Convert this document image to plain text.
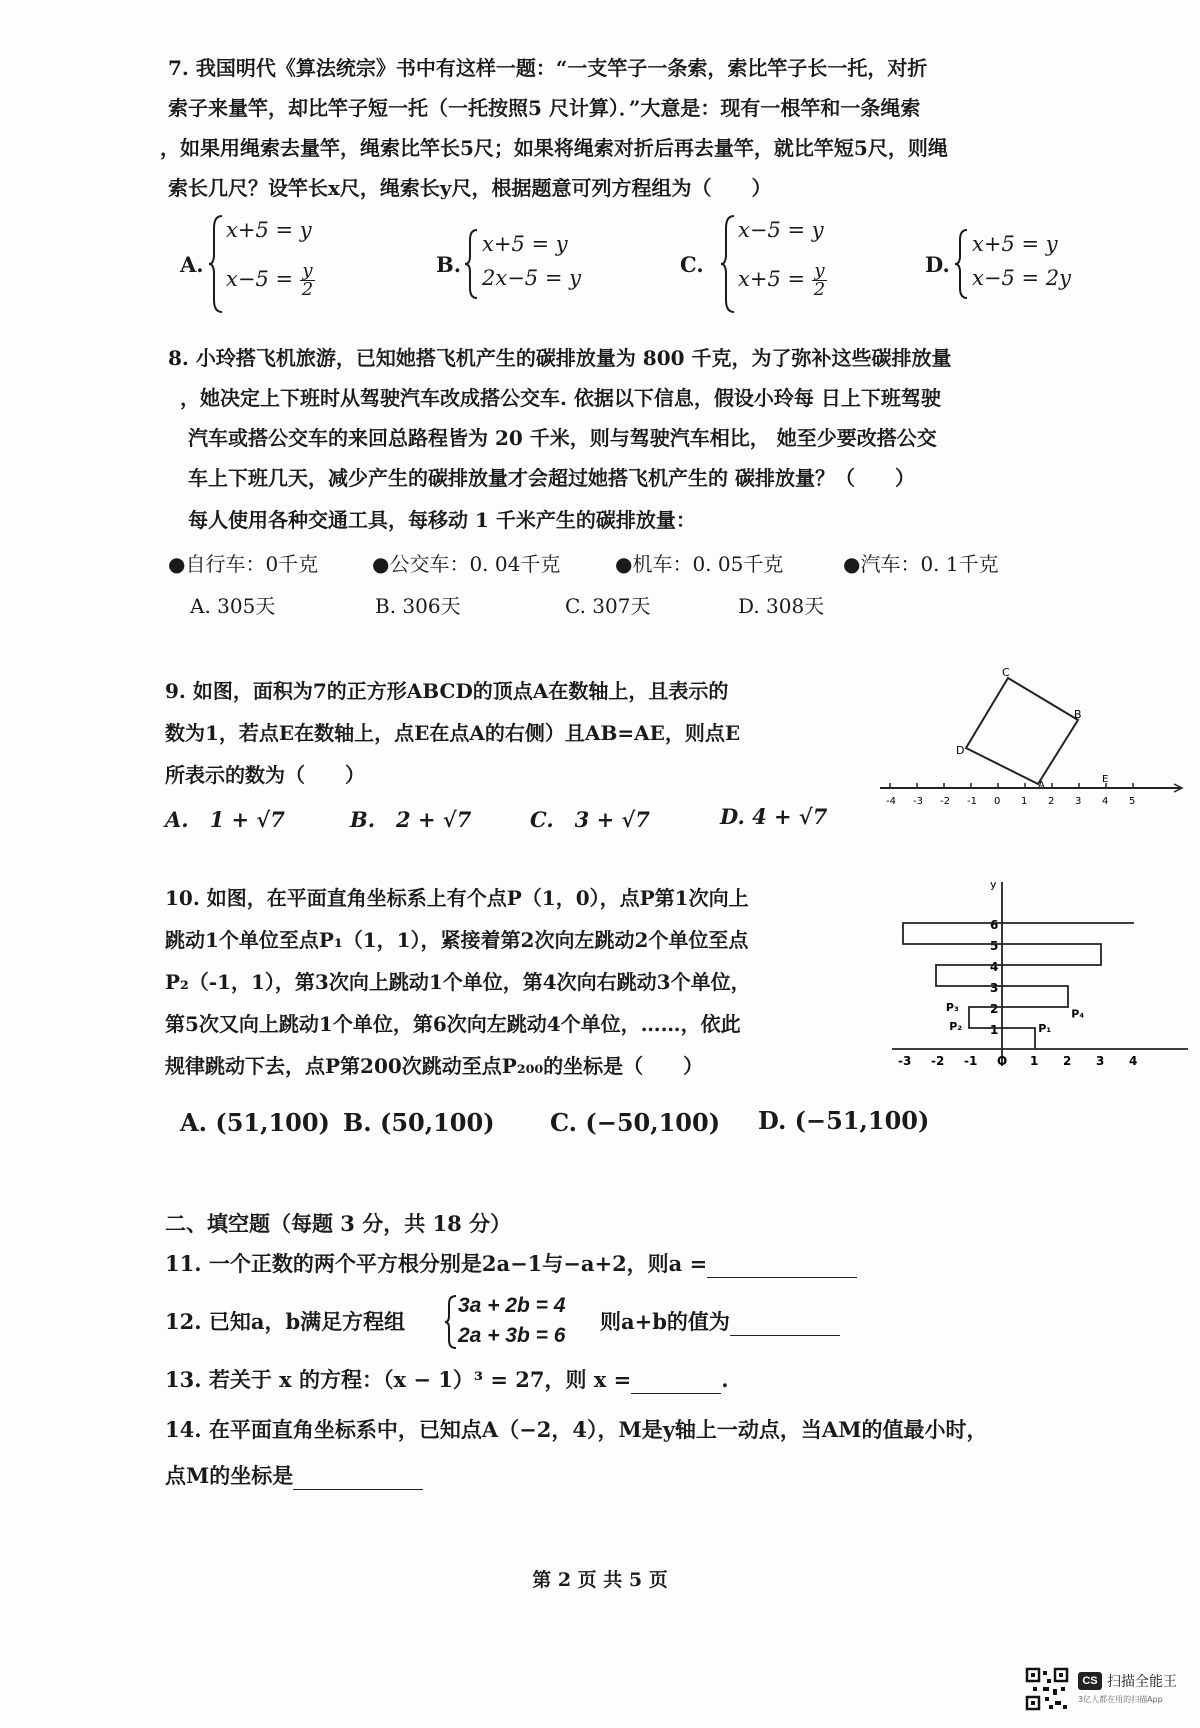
7. 我国明代《算法统宗》书中有这样一题：“一支竿子一条索，索比竿子长一托，对折
索子来量竿，却比竿子短一托（一托按照5 尺计算）．”大意是：现有一根竿和一条绳索
，如果用绳索去量竿，绳索比竿长5尺；如果将绳索对折后再去量竿，就比竿短5尺，则绳
索长几尺？设竿长x尺，绳索长y尺，根据题意可列方程组为（　　）
A.
x+5 = y
$x-5 = \frac{y}{2}$	B.
x+5 = y
2x−5 = y
C.
x−5 = y
$x+5 = \frac{y}{2}$	D.
x+5 = y
x−5 = 2y
8. 小玲搭飞机旅游，已知她搭飞机产生的碳排放量为 800 千克，为了弥补这些碳排放量
，她决定上下班时从驾驶汽车改成搭公交车. 依据以下信息，假设小玲每 日上下班驾驶
汽车或搭公交车的来回总路程皆为 20 千米，则与驾驶汽车相比， 她至少要改搭公交
车上下班几天，减少产生的碳排放量才会超过她搭飞机产生的 碳排放量？（　　）
每人使用各种交通工具，每移动 1 千米产生的碳排放量：
●自行车：0千克	●公交车：0. 04千克	●机车：0. 05千克	●汽车：0. 1千克
A. 305天	B. 306天	C. 307天	D. 308天
9. 如图，面积为7的正方形ABCD的顶点A在数轴上，且表示的
数为1，若点E在数轴上，点E在点A的右侧）且AB=AE，则点E
所表示的数为（　　）
A.　1 + √7	B.　2 + √7	C.　3 + √7	D. 4 + √7
C
B
D
A
E
-4 -3 -2 -1 0 1 2 3 4 5
10. 如图，在平面直角坐标系上有个点P（1，0），点P第1次向上
跳动1个单位至点P₁（1，1），紧接着第2次向左跳动2个单位至点
P₂（-1，1），第3次向上跳动1个单位，第4次向右跳动3个单位，
第5次又向上跳动1个单位，第6次向左跳动4个单位，……，依此
规律跳动下去，点P第200次跳动至点P₂₀₀的坐标是（　　）
A. (51,100) B. (50,100) C. (−50,100) D. (−51,100)
y
6
5
4
3
2
1
-3 -2 -1 O 1 2 3 4
P₁
P₂
P₃	P₄
二、填空题（每题 3 分，共 18 分）
11. 一个正数的两个平方根分别是2a−1与−a+2，则a =
12. 已知a，b满足方程组
3a + 2b = 4
2a + 3b = 6
则a+b的值为
13. 若关于 x 的方程：（x − 1）³ = 27，则 x =	.
14. 在平面直角坐标系中，已知点A（−2，4），M是y轴上一动点，当AM的值最小时，
点M的坐标是
第 2 页 共 5 页
CS 扫描全能王
3亿人都在用的扫描App
